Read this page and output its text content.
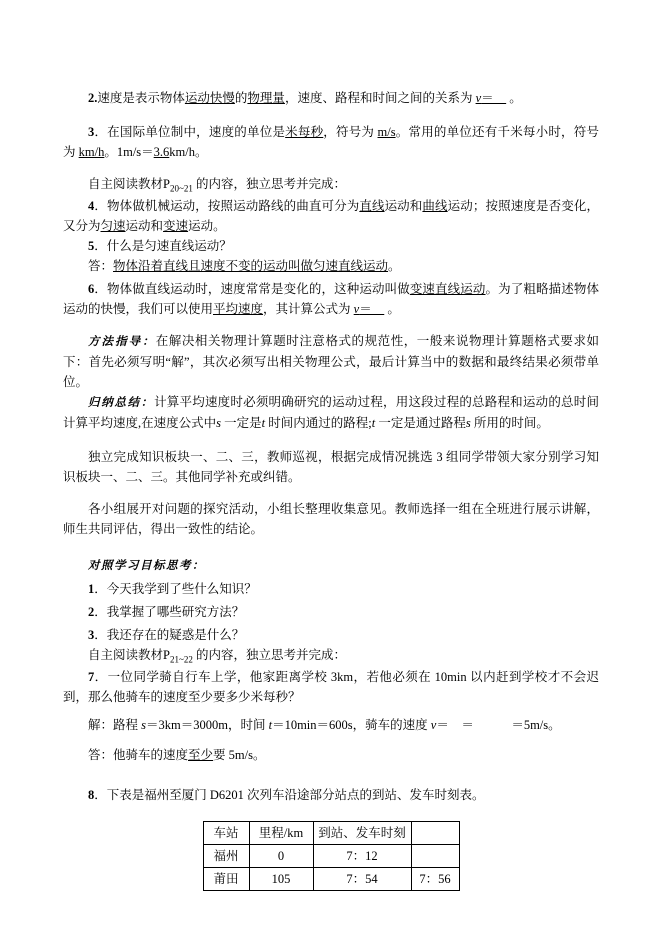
2.速度是表示物体运动快慢的物理量，速度、路程和时间之间的关系为 v＝　 。

3．在国际单位制中，速度的单位是米每秒，符号为 m/s。常用的单位还有千米每小时，符号为 km/h。1m/s＝3.6km/h。

自主阅读教材$P_{20\sim 21}$ 的内容，独立思考并完成：

4．物体做机械运动，按照运动路线的曲直可分为直线运动和曲线运动；按照速度是否变化，又分为匀速运动和变速运动。

5．什么是匀速直线运动？

答：物体沿着直线且速度不变的运动叫做匀速直线运动。

6．物体做直线运动时，速度常常是变化的，这种运动叫做变速直线运动。为了粗略描述物体运动的快慢，我们可以使用平均速度，其计算公式为 v＝　 。

方法指导：在解决相关物理计算题时注意格式的规范性，一般来说物理计算题格式要求如下：首先必须写明“解”，其次必须写出相关物理公式，最后计算当中的数据和最终结果必须带单位。

归纳总结：计算平均速度时必须明确研究的运动过程，用这段过程的总路程和运动的总时间计算平均速度,在速度公式中s 一定是t 时间内通过的路程;t 一定是通过路程s 所用的时间。

独立完成知识板块一、二、三，教师巡视，根据完成情况挑选 3 组同学带领大家分别学习知识板块一、二、三。其他同学补充或纠错。

各小组展开对问题的探究活动，小组长整理收集意见。教师选择一组在全班进行展示讲解，师生共同评估，得出一致性的结论。

对照学习目标思考：

1．今天我学到了些什么知识？

2．我掌握了哪些研究方法？

3．我还存在的疑惑是什么？

自主阅读教材$P_{21\sim 22}$ 的内容，独立思考并完成：

7．一位同学骑自行车上学，他家距离学校 3km，若他必须在 10min 以内赶到学校才不会迟到，那么他骑车的速度至少要多少米每秒？

解：路程 s＝3km＝3000m，时间 t＝10min＝600s，骑车的速度 v＝　＝　　　＝5m/s。

答：他骑车的速度至少要 5m/s。

8．下表是福州至厦门 D6201 次列车沿途部分站点的到站、发车时刻表。

车站	里程/km	到站、发车时刻	
福州	0	7：12	
莆田	105	7：54	7：56
